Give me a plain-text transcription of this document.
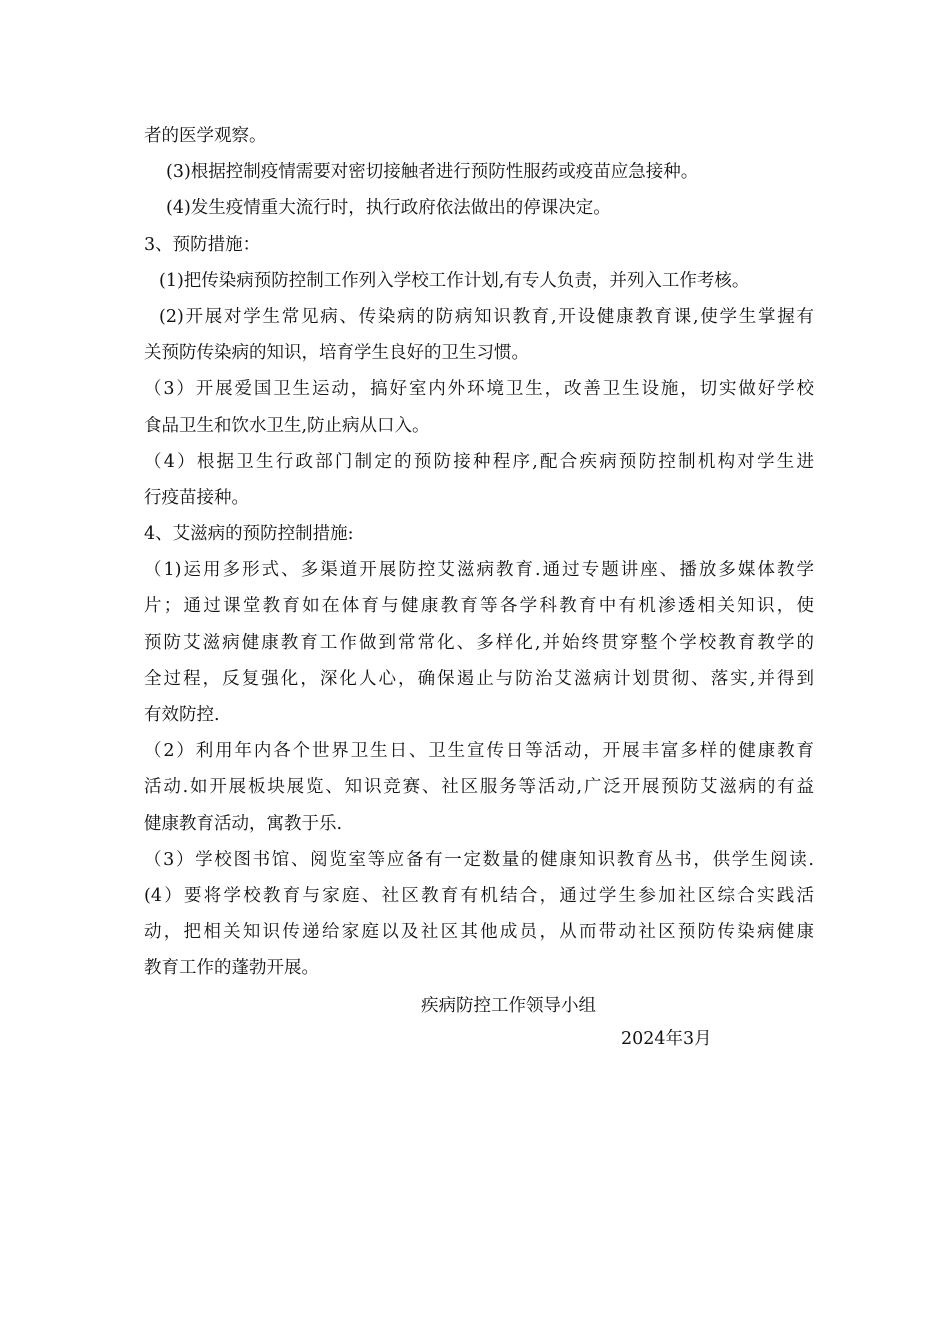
者的医学观察。
(3)根据控制疫情需要对密切接触者进行预防性服药或疫苗应急接种。
(4)发生疫情重大流行时，执行政府依法做出的停课决定。
3、预防措施：
(1)把传染病预防控制工作列入学校工作计划,有专人负责，并列入工作考核。
(2)开展对学生常见病、传染病的防病知识教育,开设健康教育课,使学生掌握有
关预防传染病的知识，培育学生良好的卫生习惯。
（3）开展爱国卫生运动，搞好室内外环境卫生，改善卫生设施，切实做好学校
食品卫生和饮水卫生,防止病从口入。
（4）根据卫生行政部门制定的预防接种程序,配合疾病预防控制机构对学生进
行疫苗接种。
4、艾滋病的预防控制措施:
（1)运用多形式、多渠道开展防控艾滋病教育.通过专题讲座、播放多媒体教学
片；通过课堂教育如在体育与健康教育等各学科教育中有机渗透相关知识，使
预防艾滋病健康教育工作做到常常化、多样化,并始终贯穿整个学校教育教学的
全过程，反复强化，深化人心，确保遏止与防治艾滋病计划贯彻、落实,并得到
有效防控.
（2）利用年内各个世界卫生日、卫生宣传日等活动，开展丰富多样的健康教育
活动.如开展板块展览、知识竞赛、社区服务等活动,广泛开展预防艾滋病的有益
健康教育活动，寓教于乐.
（3）学校图书馆、阅览室等应备有一定数量的健康知识教育丛书，供学生阅读.
(4）要将学校教育与家庭、社区教育有机结合，通过学生参加社区综合实践活
动，把相关知识传递给家庭以及社区其他成员，从而带动社区预防传染病健康
教育工作的蓬勃开展。
疾病防控工作领导小组
2024年3月
